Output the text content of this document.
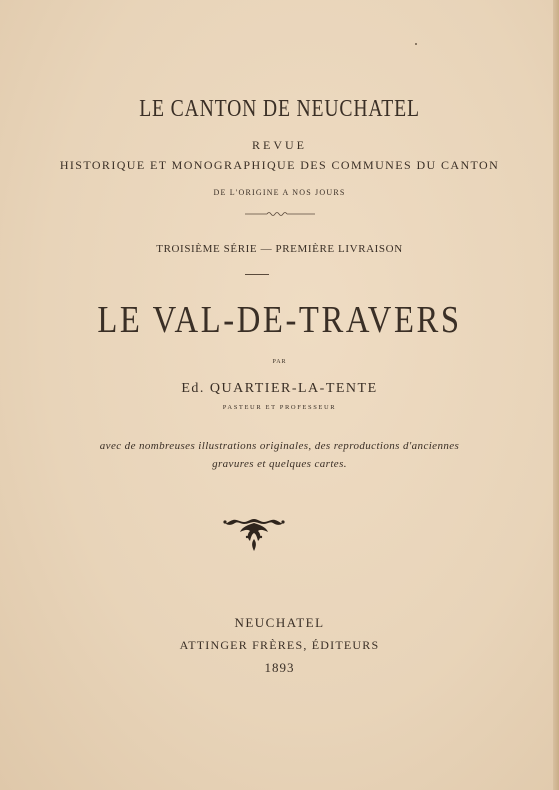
LE CANTON DE NEUCHATEL
REVUE
HISTORIQUE ET MONOGRAPHIQUE DES COMMUNES DU CANTON
DE L'ORIGINE A NOS JOURS
TROISIÈME SÉRIE — PREMIÈRE LIVRAISON
LE VAL-DE-TRAVERS
PAR
Ed. QUARTIER-LA-TENTE
PASTEUR ET PROFESSEUR
avec de nombreuses illustrations originales, des reproductions d'anciennes
gravures et quelques cartes.
NEUCHATEL
ATTINGER FRÈRES, ÉDITEURS
1893
